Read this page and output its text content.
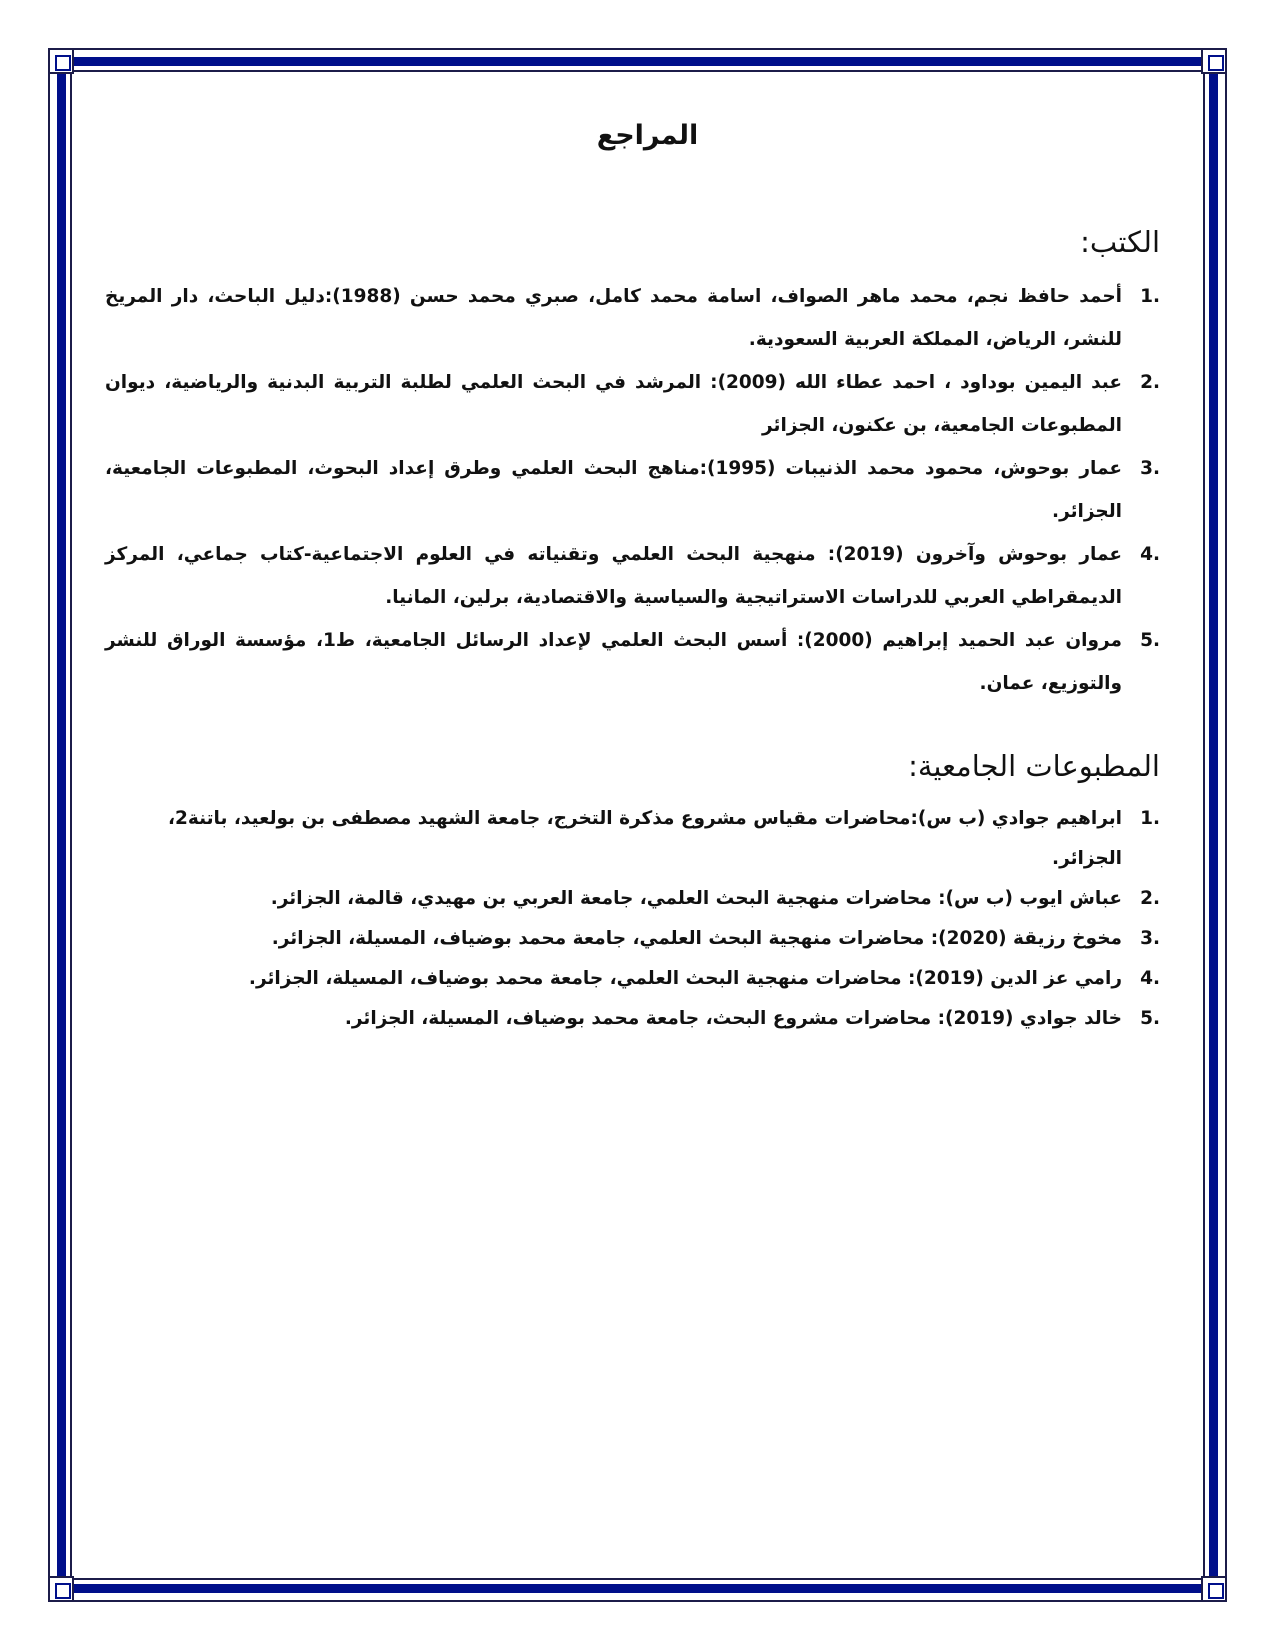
المراجع
الكتب:
1.
أحمد حافظ نجم، محمد ماهر الصواف، اسامة محمد كامل، صبري محمد حسن (1988):دليل الباحث، دار المريخ للنشر، الرياض، المملكة العربية السعودية.
2.
عبد اليمين بوداود ، احمد عطاء الله (2009): المرشد في البحث العلمي لطلبة التربية البدنية والرياضية، ديوان المطبوعات الجامعية، بن عكنون، الجزائر
3.
عمار بوحوش، محمود محمد الذنيبات (1995):مناهج البحث العلمي وطرق إعداد البحوث، المطبوعات الجامعية، الجزائر.
4.
عمار بوحوش وآخرون (2019): منهجية البحث العلمي وتقنياته في العلوم الاجتماعية-كتاب جماعي، المركز الديمقراطي العربي للدراسات الاستراتيجية والسياسية والاقتصادية، برلين، المانيا.
5.
مروان عبد الحميد إبراهيم (2000): أسس البحث العلمي لإعداد الرسائل الجامعية، ط1، مؤسسة الوراق للنشر والتوزيع، عمان.
المطبوعات الجامعية:
1.
ابراهيم جوادي (ب س):محاضرات مقياس مشروع مذكرة التخرج، جامعة الشهيد مصطفى بن بولعيد، باتنة2، الجزائر.
2.
عباش ايوب (ب س): محاضرات منهجية البحث العلمي، جامعة العربي بن مهيدي، قالمة، الجزائر.
3.
مخوخ رزيقة (2020): محاضرات منهجية البحث العلمي، جامعة محمد بوضياف، المسيلة، الجزائر.
4.
رامي عز الدين (2019): محاضرات منهجية البحث العلمي، جامعة محمد بوضياف، المسيلة، الجزائر.
5.
خالد جوادي (2019): محاضرات مشروع البحث، جامعة محمد بوضياف، المسيلة، الجزائر.
